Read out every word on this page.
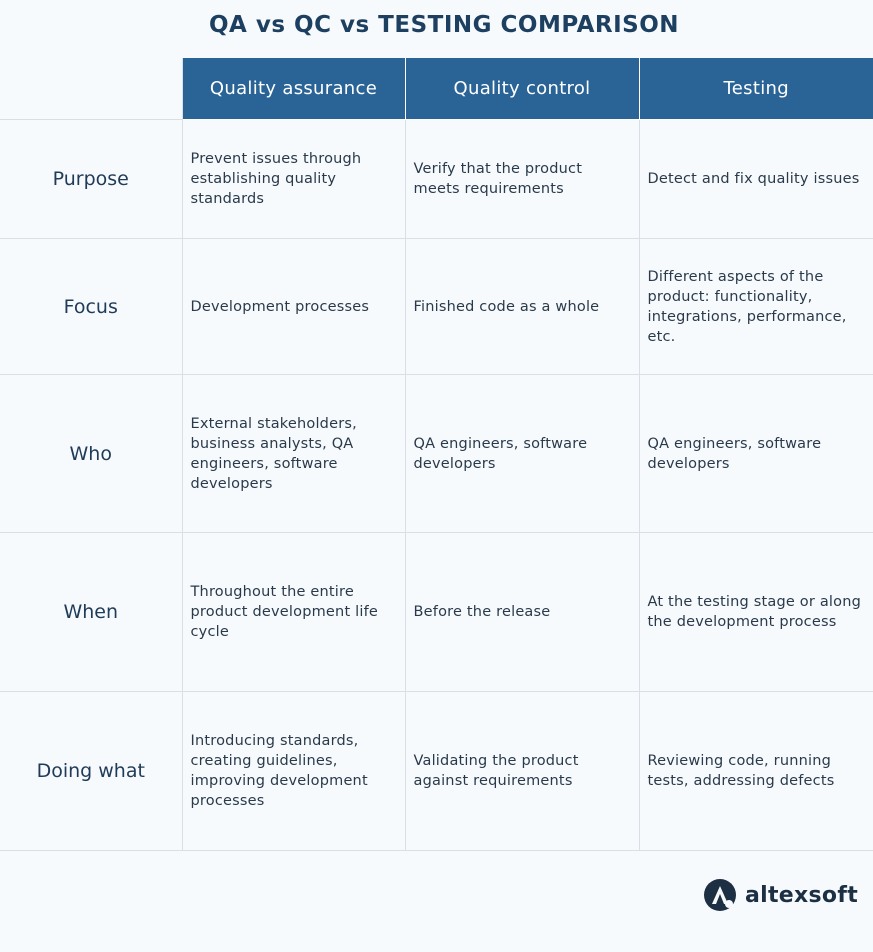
QA vs QC vs TESTING COMPARISON
	Quality assurance	Quality control	Testing
Purpose	Prevent issues through establishing quality standards	Verify that the product meets requirements	Detect and fix quality issues
Focus	Development processes	Finished code as a whole	Different aspects of the product: functionality, integrations, performance, etc.
Who	External stakeholders, business analysts, QA engineers, software developers	QA engineers, software developers	QA engineers, software developers
When	Throughout the entire product development life cycle	Before the release	At the testing stage or along the development process
Doing what	Introducing standards, creating guidelines, improving development processes	Validating the product against requirements	Reviewing code, running tests, addressing defects
altexsoft
